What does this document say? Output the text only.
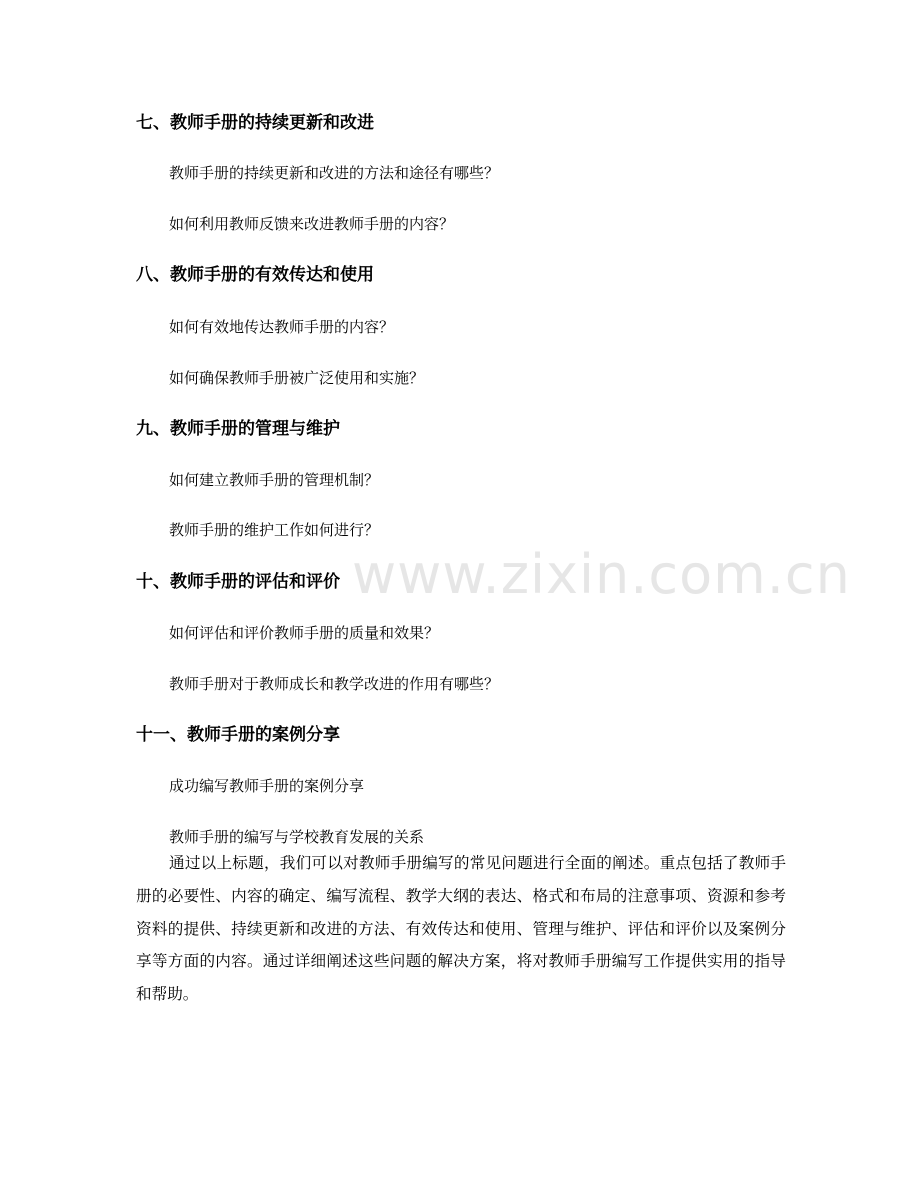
七、教师手册的持续更新和改进
教师手册的持续更新和改进的方法和途径有哪些？
如何利用教师反馈来改进教师手册的内容？
八、教师手册的有效传达和使用
如何有效地传达教师手册的内容？
如何确保教师手册被广泛使用和实施？
九、教师手册的管理与维护
如何建立教师手册的管理机制？
教师手册的维护工作如何进行？
十、教师手册的评估和评价
如何评估和评价教师手册的质量和效果？
教师手册对于教师成长和教学改进的作用有哪些？
十一、教师手册的案例分享
成功编写教师手册的案例分享
教师手册的编写与学校教育发展的关系

通过以上标题，我们可以对教师手册编写的常见问题进行全面的阐述。重点包括了教师手册的必要性、内容的确定、编写流程、教学大纲的表达、格式和布局的注意事项、资源和参考资料的提供、持续更新和改进的方法、有效传达和使用、管理与维护、评估和评价以及案例分享等方面的内容。通过详细阐述这些问题的解决方案，将对教师手册编写工作提供实用的指导和帮助。

www.zixin.com.cn
